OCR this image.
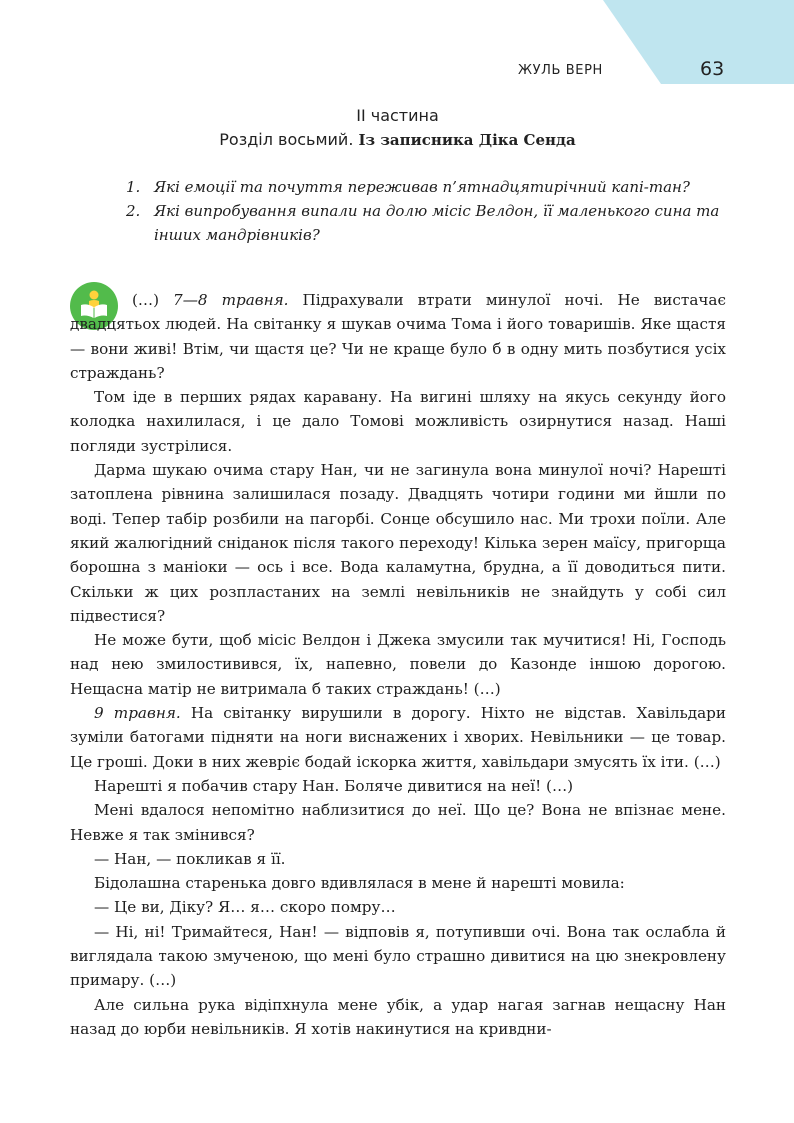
ЖУЛЬ ВЕРН	63
ІІ частина
Розділ восьмий. Із записника Діка Сенда

1. Які емоції та почуття переживав п’ятнадцятирічний капі-тан?

2. Які випробування випали на долю місіс Велдон, її маленького сина та інших мандрівників?

(…) 7—8 травня. Підрахували втрати минулої ночі. Не вистачає двадцятьох людей. На світанку я шукав очима Тома і його товаришів. Яке щастя — вони живі! Втім, чи щастя це? Чи не краще було б в одну мить позбутися усіх страждань?

Том іде в перших рядах каравану. На вигині шляху на якусь секунду його колодка нахилилася, і це дало Томові можливість озирнутися назад. Наші погляди зустрілися.

Дарма шукаю очима стару Нан, чи не загинула вона минулої ночі? Нарешті затоплена рівнина залишилася позаду. Двадцять чотири години ми йшли по воді. Тепер табір розбили на пагорбі. Сонце обсушило нас. Ми трохи поїли. Але який жалюгідний сніданок після такого переходу! Кілька зерен маїсу, пригорща борошна з маніоки — ось і все. Вода каламутна, брудна, а її доводиться пити. Скільки ж цих розпластаних на землі невільників не знайдуть у собі сил підвестися?

Не може бути, щоб місіс Велдон і Джека змусили так мучитися! Ні, Господь над нею змилостивився, їх, напевно, повели до Казонде іншою дорогою. Нещасна матір не витримала б таких страждань! (…)

9 травня. На світанку вирушили в дорогу. Ніхто не відстав. Хавільдари зуміли батогами підняти на ноги виснажених і хворих. Невільники — це товар. Це гроші. Доки в них жевріє бодай іскорка життя, хавільдари змусять їх іти. (…)

Нарешті я побачив стару Нан. Боляче дивитися на неї! (…)

Мені вдалося непомітно наблизитися до неї. Що це? Вона не впізнає мене. Невже я так змінився?

— Нан, — покликав я її.

Бідолашна старенька довго вдивлялася в мене й нарешті мовила:

— Це ви, Діку? Я… я… скоро помру…

— Ні, ні! Тримайтеся, Нан! — відповів я, потупивши очі. Вона так ослабла й виглядала такою змученою, що мені було страшно дивитися на цю знекровлену примару. (…)

Але сильна рука відіпхнула мене убік, а удар нагая загнав нещасну Нан назад до юрби невільників. Я хотів накинутися на кривдни-
